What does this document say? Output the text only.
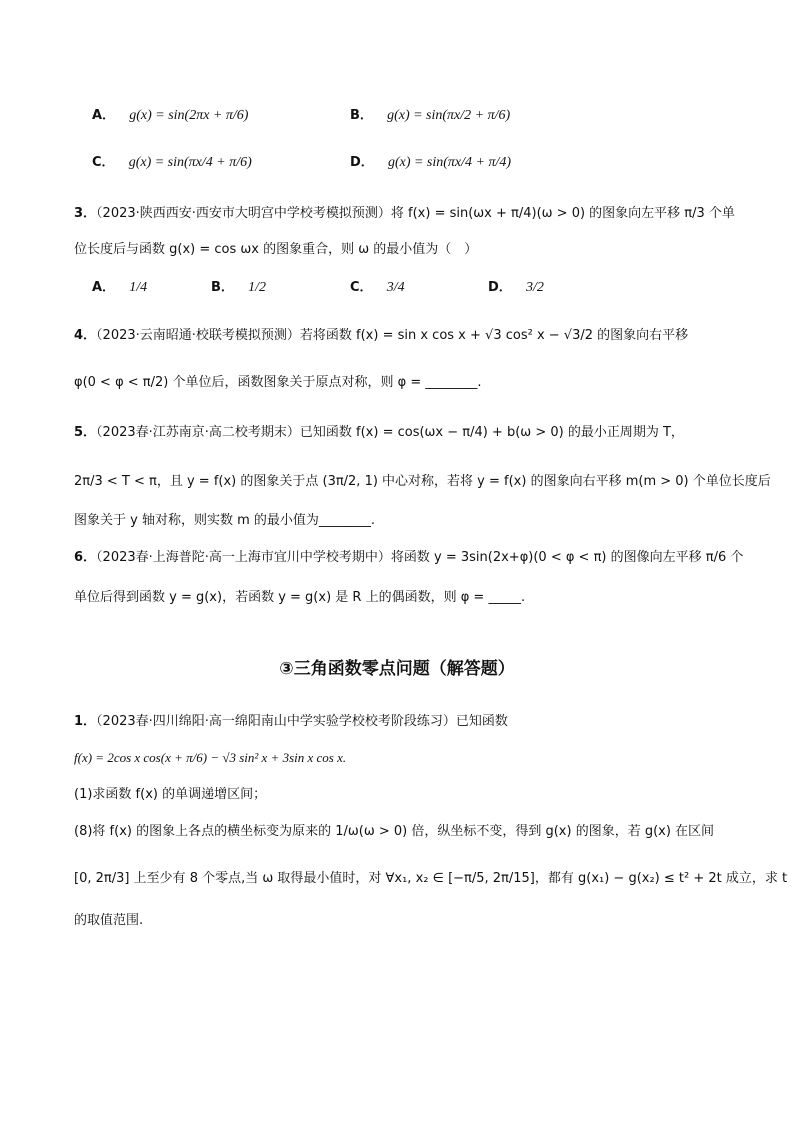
A． g(x) = sin(2πx + π/6)	B． g(x) = sin(πx/2 + π/6)
C． g(x) = sin(πx/4 + π/6)	D． g(x) = sin(πx/4 + π/4)
3．（2023·陕西西安·西安市大明宫中学校考模拟预测）将 f(x) = sin(ωx + π/4)(ω > 0) 的图象向左平移 π/3 个单
位长度后与函数 g(x) = cos ωx 的图象重合，则 ω 的最小值为（　）
A． 1/4	B． 1/2	C． 3/4	D． 3/2
4．（2023·云南昭通·校联考模拟预测）若将函数 f(x) = sin x cos x + √3 cos² x − √3/2 的图象向右平移
φ(0 < φ < π/2) 个单位后，函数图象关于原点对称，则 φ = ________.
5．（2023春·江苏南京·高二校考期末）已知函数 f(x) = cos(ωx − π/4) + b(ω > 0) 的最小正周期为 T，
2π/3 < T < π，且 y = f(x) 的图象关于点 (3π/2, 1) 中心对称，若将 y = f(x) 的图象向右平移 m(m > 0) 个单位长度后
图象关于 y 轴对称，则实数 m 的最小值为________.
6．（2023春·上海普陀·高一上海市宜川中学校考期中）将函数 y = 3sin(2x+φ)(0 < φ < π) 的图像向左平移 π/6 个
单位后得到函数 y = g(x)，若函数 y = g(x) 是 R 上的偶函数，则 φ = _____.
③三角函数零点问题（解答题）
1．（2023春·四川绵阳·高一绵阳南山中学实验学校校考阶段练习）已知函数
f(x) = 2cos x cos(x + π/6) − √3 sin² x + 3sin x cos x.
(1)求函数 f(x) 的单调递增区间；
(8)将 f(x) 的图象上各点的横坐标变为原来的 1/ω(ω > 0) 倍，纵坐标不变，得到 g(x) 的图象，若 g(x) 在区间
[0, 2π/3] 上至少有 8 个零点,当 ω 取得最小值时，对 ∀x₁, x₂ ∈ [−π/5, 2π/15]，都有 g(x₁) − g(x₂) ≤ t² + 2t 成立，求 t
的取值范围.
